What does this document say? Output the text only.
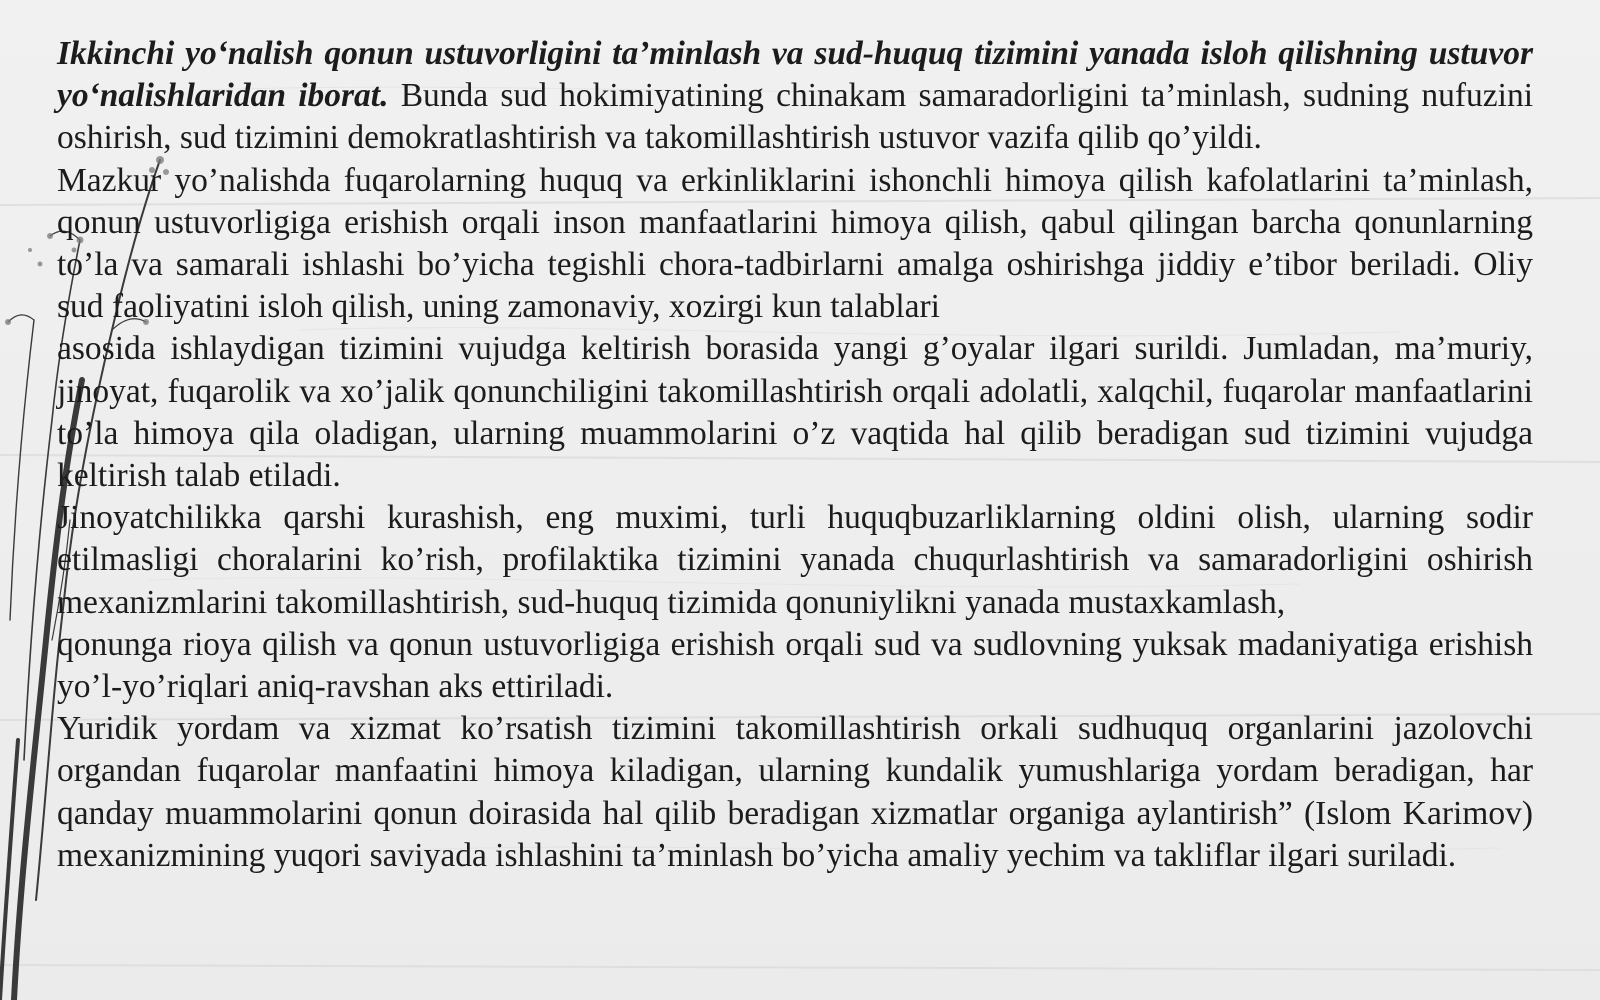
Ikkinchi yo‘nalish qonun ustuvorligini ta’minlash va sud-huquq tizimini yanada isloh qilishning ustuvor yo‘nalishlaridan iborat. Bunda sud hokimiyatining chinakam samaradorligini ta’minlash, sudning nufuzini oshirish, sud tizimini demokratlashtirish va takomillashtirish ustuvor vazifa qilib qo’yildi.

Mazkur yo’nalishda fuqarolarning huquq va erkinliklarini ishonchli himoya qilish kafolatlarini ta’minlash, qonun ustuvorligiga erishish orqali inson manfaatlarini himoya qilish, qabul qilingan barcha qonunlarning to’la va samarali ishlashi bo’yicha tegishli chora-tadbirlarni amalga oshirishga jiddiy e’tibor beriladi. Oliy sud faoliyatini isloh qilish, uning zamonaviy, xozirgi kun talablari

asosida ishlaydigan tizimini vujudga keltirish borasida yangi g’oyalar ilgari surildi. Jumladan, ma’muriy, jinoyat, fuqarolik va xo’jalik qonunchiligini takomillashtirish orqali adolatli, xalqchil, fuqarolar manfaatlarini to’la himoya qila oladigan, ularning muammolarini o’z vaqtida hal qilib beradigan sud tizimini vujudga keltirish talab etiladi.

Jinoyatchilikka qarshi kurashish, eng muximi, turli huquqbuzarliklarning oldini olish, ularning sodir etilmasligi choralarini ko’rish, profilaktika tizimini yanada chuqurlashtirish va samaradorligini oshirish mexanizmlarini takomillashtirish, sud-huquq tizimida qonuniylikni yanada mustaxkamlash,

qonunga rioya qilish va qonun ustuvorligiga erishish orqali sud va sudlovning yuksak madaniyatiga erishish yo’l-yo’riqlari aniq-ravshan aks ettiriladi.

Yuridik yordam va xizmat ko’rsatish tizimini takomillashtirish orkali sudhuquq organlarini jazolovchi organdan fuqarolar manfaatini himoya kiladigan, ularning kundalik yumushlariga yordam beradigan, har qanday muammolarini qonun doirasida hal qilib beradigan xizmatlar organiga aylantirish” (Islom Karimov) mexanizmining yuqori saviyada ishlashini ta’minlash bo’yicha amaliy yechim va takliflar ilgari suriladi.
